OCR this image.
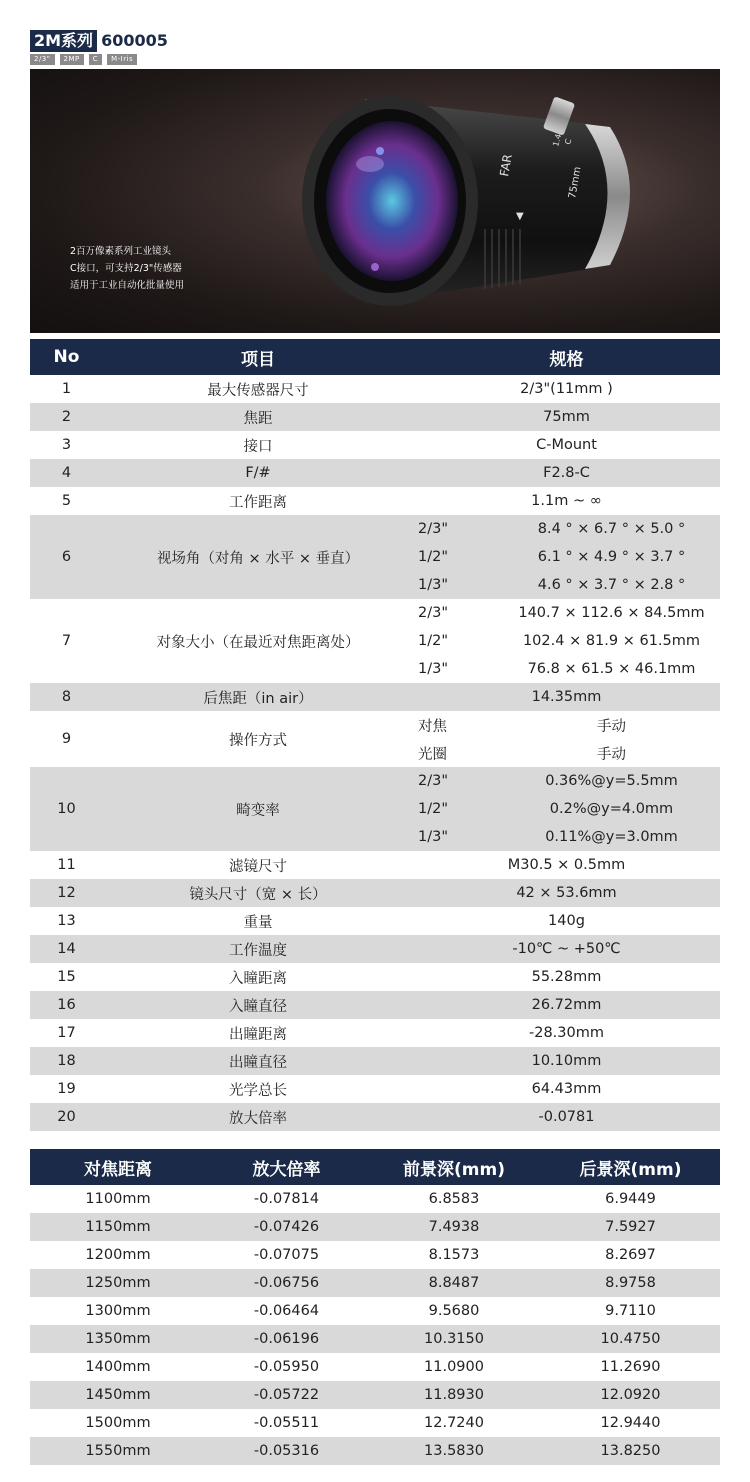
2M系列 600005
2/3"	2MP	C	M-Iris
FAR
▼
75mm
1.4 C
2百万像素系列工业镜头
C接口，可支持2/3"传感器
适用于工业自动化批量使用
No	项目	规格	
1	最大传感器尺寸	2/3"(11mm )	
2	焦距	75mm	
3	接口	C-Mount	
4	F/#	F2.8-C	
5	工作距离	1.1m ~ ∞	
6	视场角（对角 × 水平 × 垂直）	2/3"	8.4 ° × 6.7 ° × 5.0 °
		1/2"	6.1 ° × 4.9 ° × 3.7 °
		1/3"	4.6 ° × 3.7 ° × 2.8 °
7	对象大小（在最近对焦距离处）	2/3"	140.7 × 112.6 × 84.5mm
		1/2"	102.4 × 81.9 × 61.5mm
		1/3"	76.8 × 61.5 × 46.1mm
8	后焦距（in air）	14.35mm	
9	操作方式	对焦	手动
		光圈	手动
10	畸变率	2/3"	0.36%@y=5.5mm
		1/2"	0.2%@y=4.0mm
		1/3"	0.11%@y=3.0mm
11	滤镜尺寸	M30.5 × 0.5mm	
12	镜头尺寸（宽 × 长）	42 × 53.6mm	
13	重量	140g	
14	工作温度	-10℃ ~ +50℃	
15	入瞳距离	55.28mm	
16	入瞳直径	26.72mm	
17	出瞳距离	-28.30mm	
18	出瞳直径	10.10mm	
19	光学总长	64.43mm	
20	放大倍率	-0.0781	
对焦距离	放大倍率	前景深(mm)	后景深(mm)
1100mm	-0.07814	6.8583	6.9449
1150mm	-0.07426	7.4938	7.5927
1200mm	-0.07075	8.1573	8.2697
1250mm	-0.06756	8.8487	8.9758
1300mm	-0.06464	9.5680	9.7110
1350mm	-0.06196	10.3150	10.4750
1400mm	-0.05950	11.0900	11.2690
1450mm	-0.05722	11.8930	12.0920
1500mm	-0.05511	12.7240	12.9440
1550mm	-0.05316	13.5830	13.8250
